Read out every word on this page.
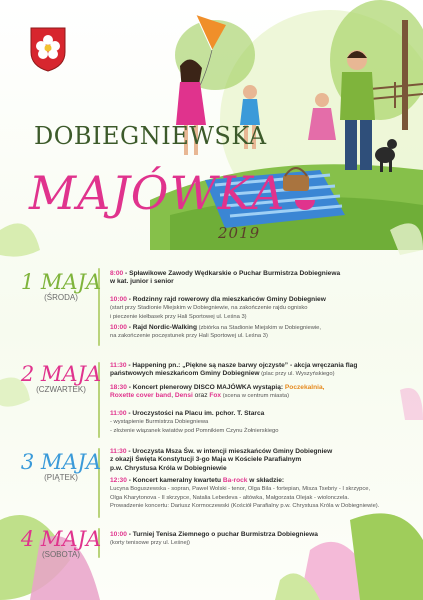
DOBIEGNIEWSKA
MAJÓWKA
2019
1 MAJA
(ŚRODA)
8:00 - Spławikowe Zawody Wędkarskie o Puchar Burmistrza Dobiegniewa
w kat. junior i senior
10:00 - Rodzinny rajd rowerowy dla mieszkańców Gminy Dobiegniew
(start przy Stadionie Miejskim w Dobiegniewie, na zakończenie rajdu ognisko
i pieczenie kiełbasek przy Hali Sportowej ul. Leśna 3)
10:00 - Rajd Nordic-Walking (zbiórka na Stadionie Miejskim w Dobiegniewie,
na zakończenie poczęstunek przy Hali Sportowej ul. Leśna 3)
2 MAJA
(CZWARTEK)
11:30 - Happening pn.: „Piękne są nasze barwy ojczyste” - akcja wręczania flag
państwowych mieszkańcom Gminy Dobiegniew (plac przy ul. Wyszyńskiego)
18:30 - Koncert plenerowy DISCO MAJÓWKA wystąpią: Poczekalnia,
Roxette cover band, Densi oraz Fox (scena w centrum miasta)
11:00 - Uroczystości na Placu im. pchor. T. Starca
- wystąpienie Burmistrza Dobiegniewa
- złożenie wiązanek kwiatów pod Pomnikiem Czynu Żołnierskiego
3 MAJA
(PIĄTEK)
11:30 - Uroczysta Msza Św. w intencji mieszkańców Gminy Dobiegniew
z okazji Święta Konstytucji 3-go Maja w Kościele Parafialnym
p.w. Chrystusa Króla w Dobiegniewie
12:30 - Koncert kameralny kwartetu Ba-rock w składzie:
Lucyna Boguszewska - sopran, Paweł Wolski - tenor, Olga Bila - fortepian, Misza Tsebriy - I skrzypce,
Olga Kharytonova - II skrzypce, Natalia Lebedeva - altówka, Małgorzata Olejak - wiolonczela.
Prowadzenie koncertu: Dariusz Kormoczewski (Kościół Parafialny p.w. Chrystusa Króla w Dobiegniewie).
4 MAJA
(SOBOTA)
10:00 - Turniej Tenisa Ziemnego o puchar Burmistrza Dobiegniewa
(korty tenisowe przy ul. Leśnej)
